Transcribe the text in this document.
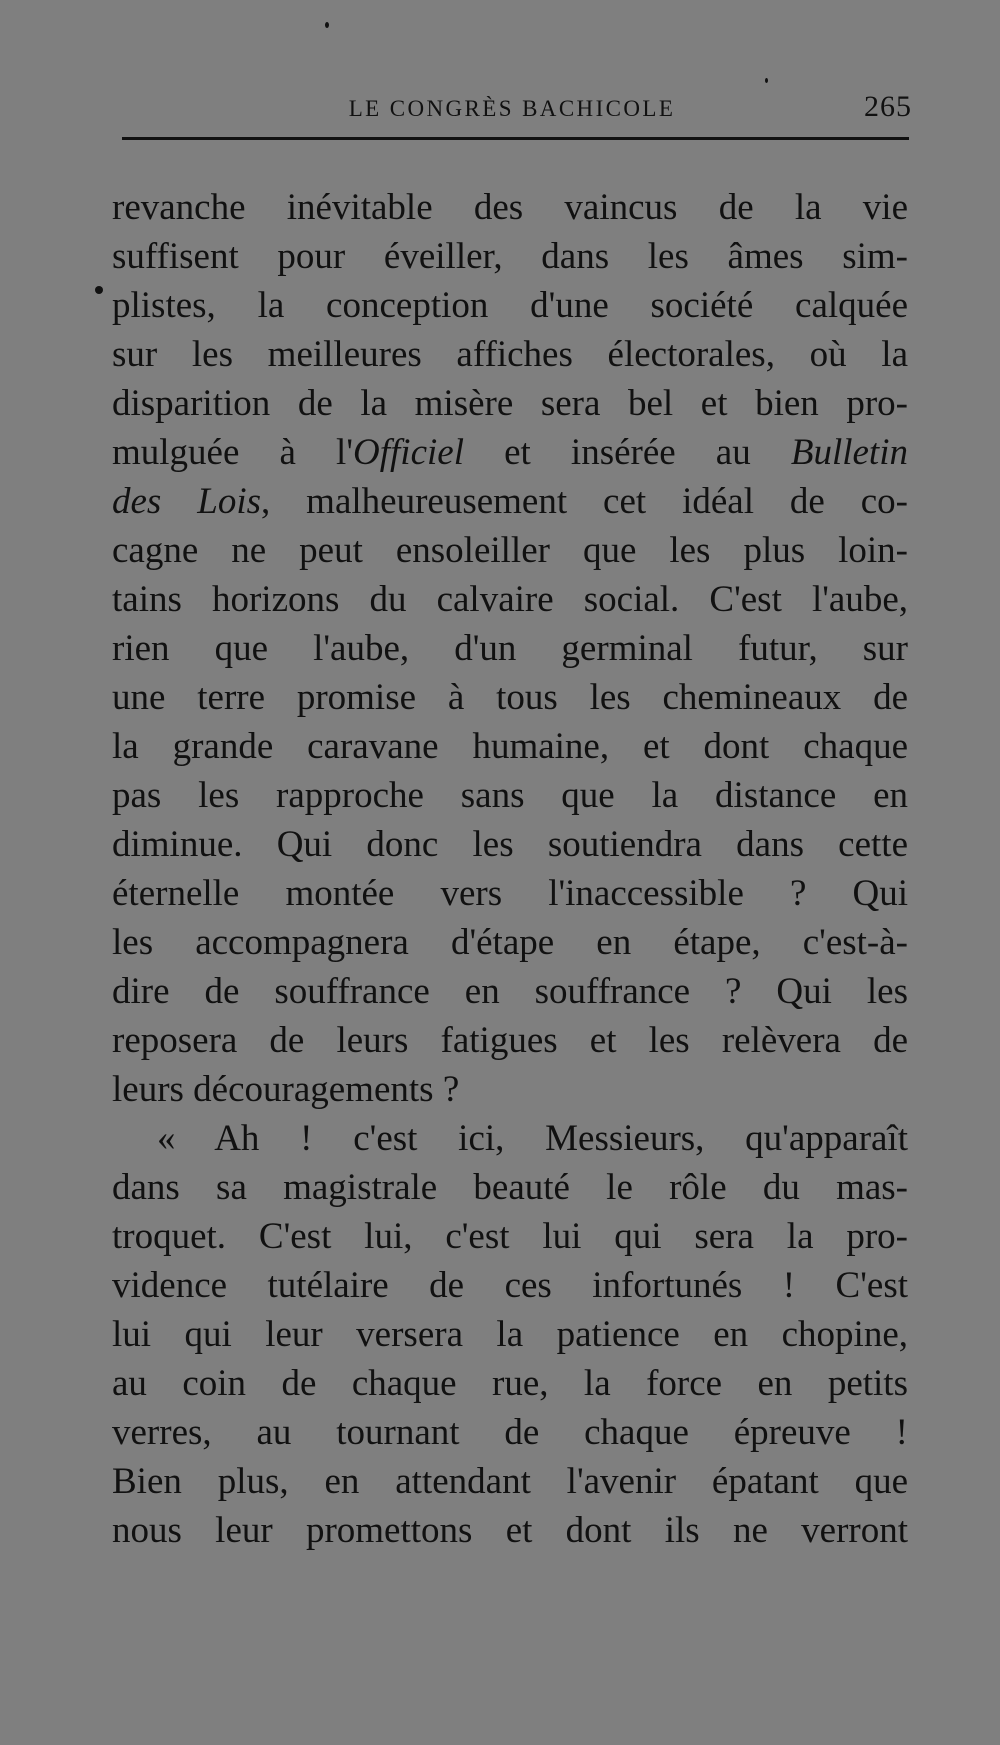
LE CONGRÈS BACHICOLE	265
revanche inévitable des vaincus de la vie
suffisent pour éveiller, dans les âmes sim-
plistes, la conception d'une société calquée
sur les meilleures affiches électorales, où la
disparition de la misère sera bel et bien pro-
mulguée à l'Officiel et insérée au Bulletin
des Lois, malheureusement cet idéal de co-
cagne ne peut ensoleiller que les plus loin-
tains horizons du calvaire social. C'est l'aube,
rien que l'aube, d'un germinal futur, sur
une terre promise à tous les chemineaux de
la grande caravane humaine, et dont chaque
pas les rapproche sans que la distance en
diminue. Qui donc les soutiendra dans cette
éternelle montée vers l'inaccessible ? Qui
les accompagnera d'étape en étape, c'est-à-
dire de souffrance en souffrance ? Qui les
reposera de leurs fatigues et les relèvera de
leurs découragements ?
« Ah ! c'est ici, Messieurs, qu'apparaît
dans sa magistrale beauté le rôle du mas-
troquet. C'est lui, c'est lui qui sera la pro-
vidence tutélaire de ces infortunés ! C'est
lui qui leur versera la patience en chopine,
au coin de chaque rue, la force en petits
verres, au tournant de chaque épreuve !
Bien plus, en attendant l'avenir épatant que
nous leur promettons et dont ils ne verront
